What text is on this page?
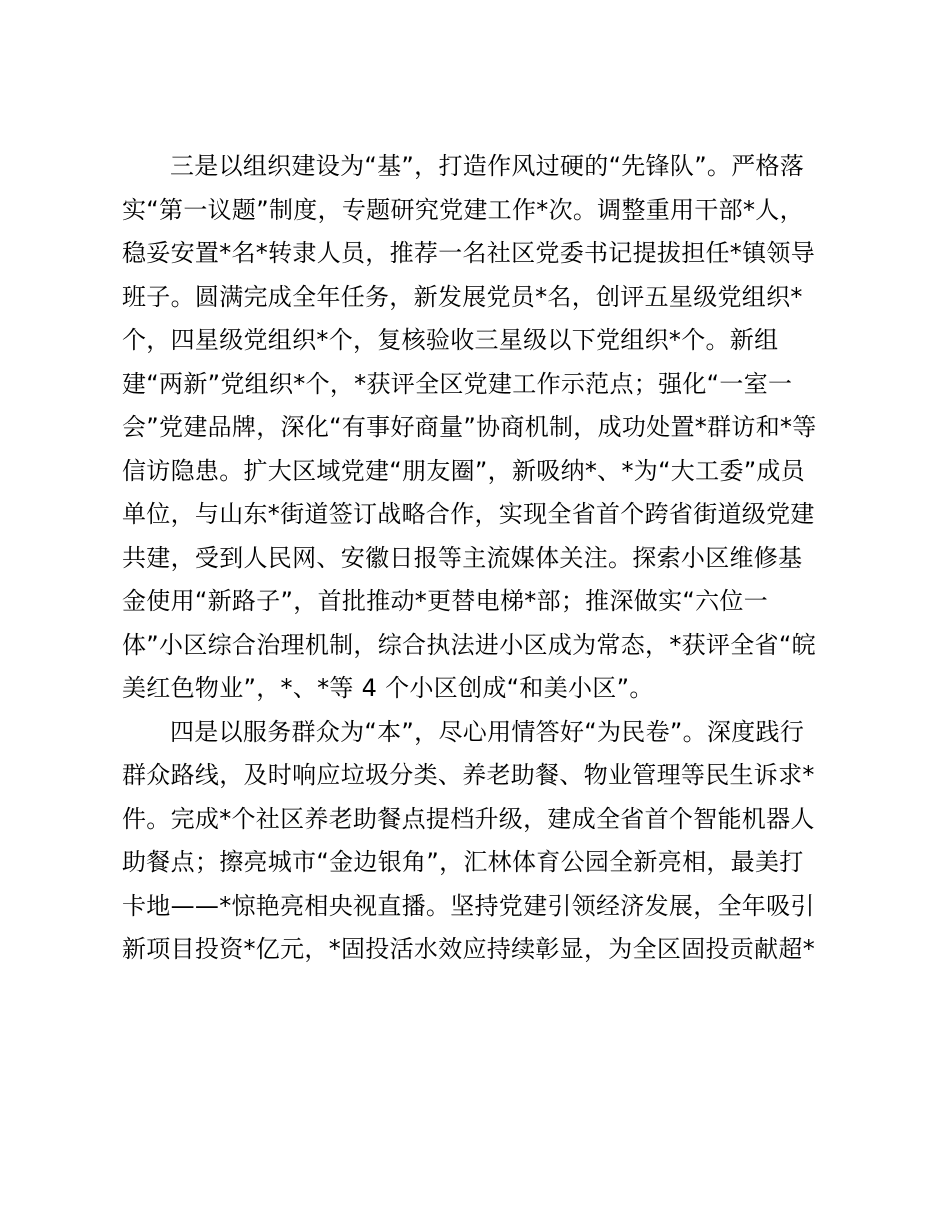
三是以组织建设为“基”，打造作风过硬的“先锋队”。严格落
实“第一议题”制度，专题研究党建工作*次。调整重用干部*人，
稳妥安置*名*转隶人员，推荐一名社区党委书记提拔担任*镇领导
班子。圆满完成全年任务，新发展党员*名，创评五星级党组织*
个，四星级党组织*个，复核验收三星级以下党组织*个。新组
建“两新”党组织*个，*获评全区党建工作示范点；强化“一室一
会”党建品牌，深化“有事好商量”协商机制，成功处置*群访和*等
信访隐患。扩大区域党建“朋友圈”，新吸纳*、*为“大工委”成员
单位，与山东*街道签订战略合作，实现全省首个跨省街道级党建
共建，受到人民网、安徽日报等主流媒体关注。探索小区维修基
金使用“新路子”，首批推动*更替电梯*部；推深做实“六位一
体”小区综合治理机制，综合执法进小区成为常态，*获评全省“皖
美红色物业”，*、*等 4 个小区创成“和美小区”。
四是以服务群众为“本”，尽心用情答好“为民卷”。深度践行
群众路线，及时响应垃圾分类、养老助餐、物业管理等民生诉求*
件。完成*个社区养老助餐点提档升级，建成全省首个智能机器人
助餐点；擦亮城市“金边银角”，汇林体育公园全新亮相，最美打
卡地——*惊艳亮相央视直播。坚持党建引领经济发展，全年吸引
新项目投资*亿元，*固投活水效应持续彰显，为全区固投贡献超*
